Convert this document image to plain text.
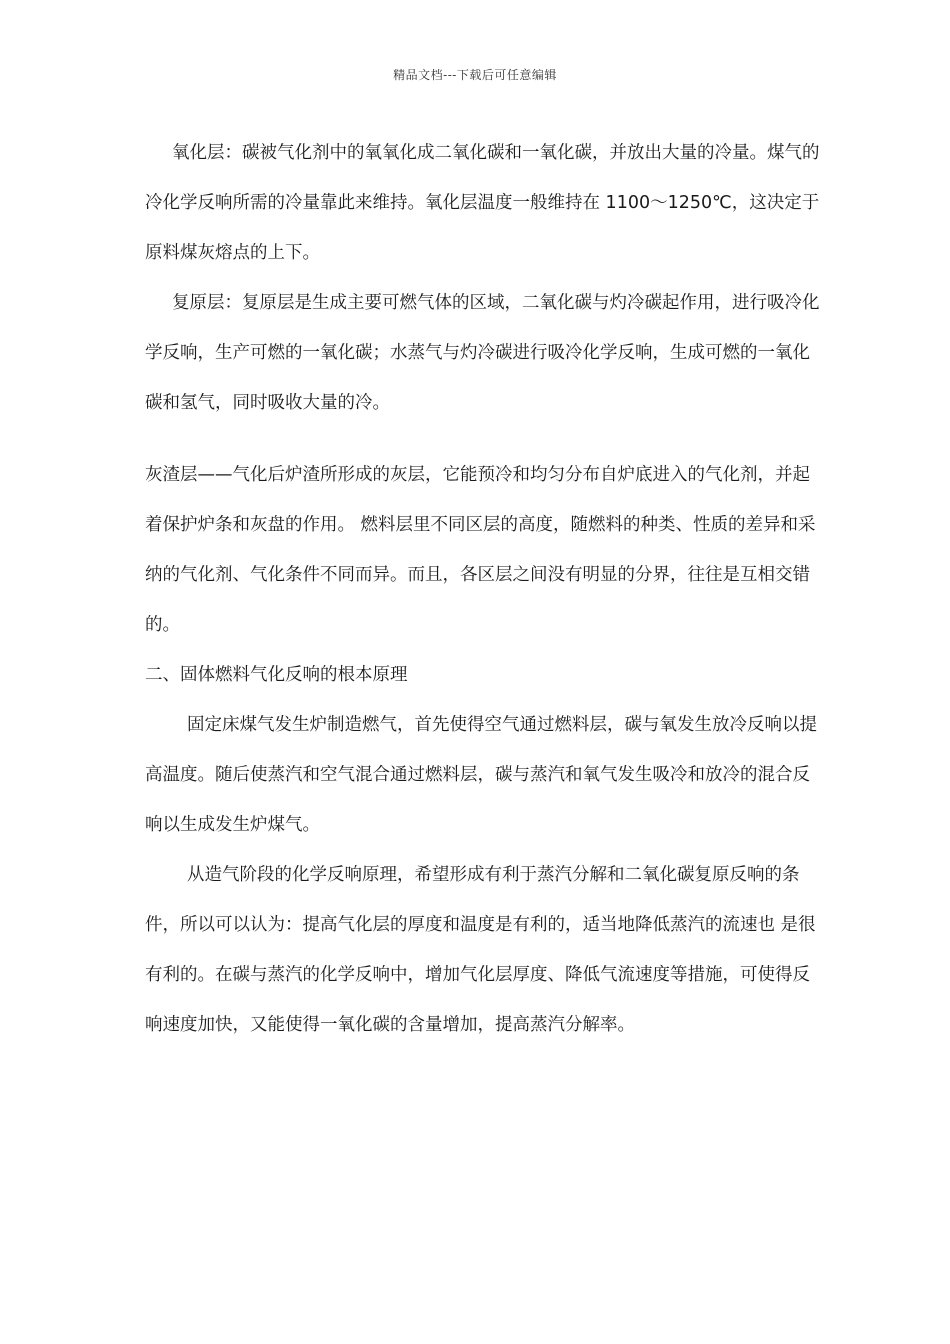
精品文档---下载后可任意编辑

氧化层：碳被气化剂中的氧氧化成二氧化碳和一氧化碳，并放出大量的冷量。煤气的冷化学反响所需的冷量靠此来维持。氧化层温度一般维持在 1100～1250℃，这决定于原料煤灰熔点的上下。

复原层：复原层是生成主要可燃气体的区域，二氧化碳与灼冷碳起作用，进行吸冷化学反响，生产可燃的一氧化碳；水蒸气与灼冷碳进行吸冷化学反响，生成可燃的一氧化碳和氢气，同时吸收大量的冷。

灰渣层——气化后炉渣所形成的灰层，它能预冷和均匀分布自炉底进入的气化剂，并起着保护炉条和灰盘的作用。 燃料层里不同区层的高度，随燃料的种类、性质的差异和采纳的气化剂、气化条件不同而异。而且，各区层之间没有明显的分界，往往是互相交错的。

二、固体燃料气化反响的根本原理

固定床煤气发生炉制造燃气，首先使得空气通过燃料层，碳与氧发生放冷反响以提高温度。随后使蒸汽和空气混合通过燃料层，碳与蒸汽和氧气发生吸冷和放冷的混合反响以生成发生炉煤气。

从造气阶段的化学反响原理，希望形成有利于蒸汽分解和二氧化碳复原反响的条件，所以可以认为：提高气化层的厚度和温度是有利的，适当地降低蒸汽的流速也 是很有利的。在碳与蒸汽的化学反响中，增加气化层厚度、降低气流速度等措施，可使得反响速度加快，又能使得一氧化碳的含量增加，提高蒸汽分解率。
